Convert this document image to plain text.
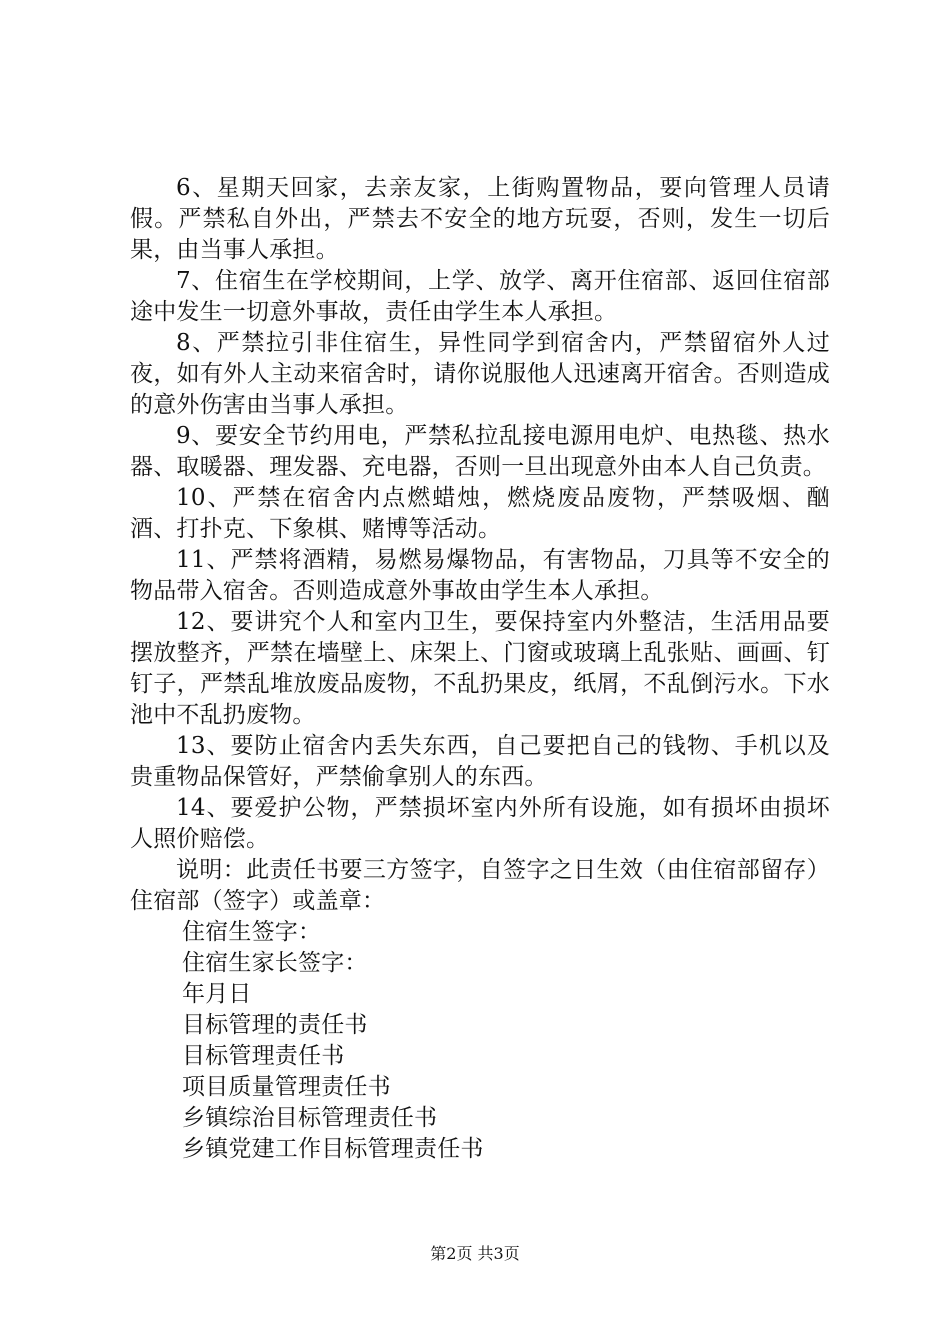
6、星期天回家，去亲友家，上街购置物品，要向管理人员请假。严禁私自外出，严禁去不安全的地方玩耍，否则，发生一切后果，由当事人承担。

7、住宿生在学校期间，上学、放学、离开住宿部、返回住宿部途中发生一切意外事故，责任由学生本人承担。

8、严禁拉引非住宿生，异性同学到宿舍内，严禁留宿外人过夜，如有外人主动来宿舍时，请你说服他人迅速离开宿舍。否则造成的意外伤害由当事人承担。

9、要安全节约用电，严禁私拉乱接电源用电炉、电热毯、热水器、取暖器、理发器、充电器，否则一旦出现意外由本人自己负责。

10、严禁在宿舍内点燃蜡烛，燃烧废品废物，严禁吸烟、酗酒、打扑克、下象棋、赌博等活动。

11、严禁将酒精，易燃易爆物品，有害物品，刀具等不安全的物品带入宿舍。否则造成意外事故由学生本人承担。

12、要讲究个人和室内卫生，要保持室内外整洁，生活用品要摆放整齐，严禁在墙壁上、床架上、门窗或玻璃上乱张贴、画画、钉钉子，严禁乱堆放废品废物，不乱扔果皮，纸屑，不乱倒污水。下水池中不乱扔废物。

13、要防止宿舍内丢失东西，自己要把自己的钱物、手机以及贵重物品保管好，严禁偷拿别人的东西。

14、要爱护公物，严禁损坏室内外所有设施，如有损坏由损坏人照价赔偿。

说明：此责任书要三方签字，自签字之日生效（由住宿部留存）住宿部（签字）或盖章：

住宿生签字：

住宿生家长签字：

年月日

目标管理的责任书

目标管理责任书

项目质量管理责任书

乡镇综治目标管理责任书

乡镇党建工作目标管理责任书

第2页 共3页
